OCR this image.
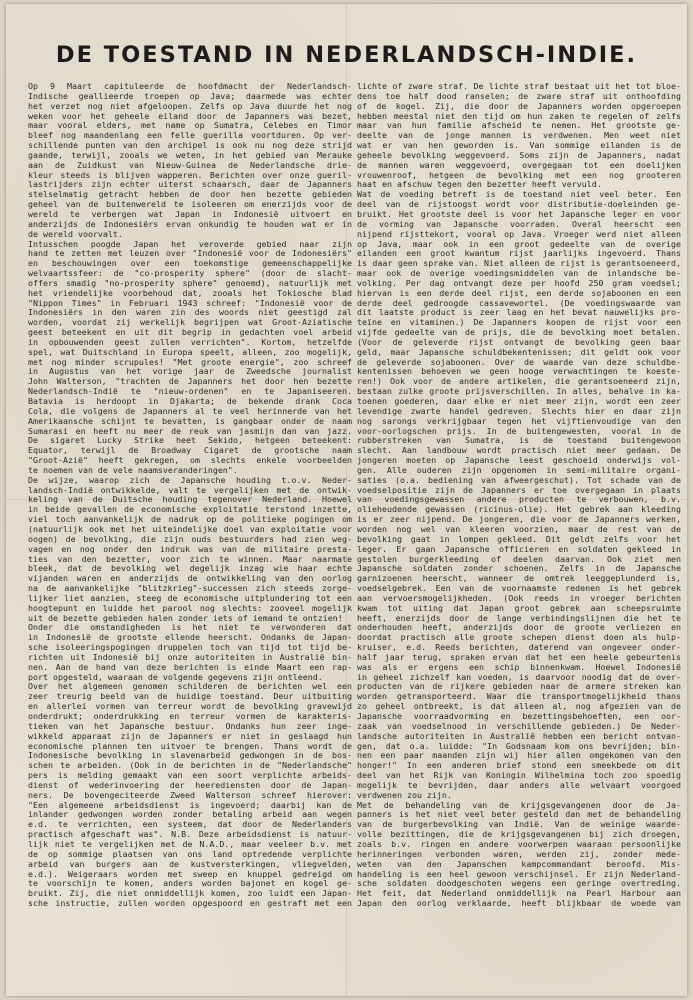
DE TOESTAND IN NEDERLANDSCH-INDIE.
Op 9 Maart capituleerde de hoofdmacht der Nederlandsch-
Indische geallieerde troepen op Java; daarmede was echter
het verzet nog niet afgeloopen. Zelfs op Java duurde het nog
weken voor het geheele eiland door de Japanners was bezet,
maar vooral elders, met name op Sumatra, Celebes en Timor
bleef nog maandenlang een felle guerilla voortduren. Op ver-
schillende punten van den archipel is ook nu nog deze strijd
gaande, terwijl, zooals we weten, in het gebied van Merauke
aan de Zuidkust van Nieuw-Guinea de Nederlandsche drie-
kleur steeds is blijven wapperen. Berichten over onze gueril-
lastrijders zijn echter uiterst schaarsch, daar de Japanners
stelselmatig getracht hebben de door hen bezette gebieden
geheel van de buitenwereld te isoleeren om enerzijds voor de
wereld te verbergen wat Japan in Indonesië uitvoert en
anderzijds de Indonesiërs ervan onkundig te houden wat er in
de wereld voorvalt.
Intusschen poogde Japan het veroverde gebied naar zijn
hand te zetten met leuzen over "Indonesië voor de Indonesiërs"
en beschouwingen over een toekomstige gemeenschappelijke
welvaartssfeer: de "co-prosperity sphere" (door de slacht-
offers smadig "no-prosperity sphere" genoemd), natuurlijk met
het vriendelijke voorbehoud dat, zooals het Tokiosche blad
"Nippon Times" in Februari 1943 schreef: "Indonesië voor de
Indonesiërs in den waren zin des woords niet geestigd zal
worden, voordat zij werkelijk begrijpen wat Groot-Aziatische
geest beteekent en uit dit begrip in gedachten voel arbeid
in opbouwenden geest zullen verrichten". Kortom, hetzelfde
spel, wat Duitschland in Europa speelt, alleen, zoo mogelijk,
met nog minder scrupules! "Met groote energie", zoo schreef
in Augustus van het vorige jaar de Zweedsche journalist
John Walterson, "trachten de Japanners het door hen bezette
Nederlandsch-Indië te "nieuw-ordenen" en te Japaniseeren.
Batavia is herdoopt in Djakarta; de bekende drank Coca
Cola, die volgens de Japanners al te veel herinnerde van het
Amerikaansche schijnt te bevatten, is gangbaar onder de naam
Sumarasi en heeft nu meer de reuk van jasmijn dan van jazz.
De sigaret Lucky Strike heet Sekido, hetgeen beteekent:
Equator, terwijl de Broadway Cigaret de grootsche naam
"Groot-Azië" heeft gekregen, om slechts enkele voorbeelden
te noemen van de vele naamsveranderingen".
De wijze, waarop zich de Japansche houding t.o.v. Neder-
landsch-Indië ontwikkelde, valt te vergelijken met de ontwik-
keling van de Duitsche houding tegenover Nederland. Hoewel
in beide gevallen de economische exploitatie terstond inzette,
viel toch aanvankelijk de nadruk op de politieke pogingen om
(natuurlijk ook met het uiteindelijke doel van exploitatie voor
oogen) de bevolking, die zijn ouds bestuurders had zien weg-
vagen en nog onder den indruk was van de militaire presta-
ties van den bezetter, voor zich te winnen. Maar naarmate
bleek, dat de bevolking wel degelijk inzag wie haar echte
vijanden waren en anderzijds de ontwikkeling van den oorlog
na de aanvankelijke "blitzkrieg"-successen zich steeds zorge-
lijker liet aanzien, steeg de economische uitplundering tot een
hoogtepunt en luidde het parool nog slechts: zooveel mogelijk
uit de bezette gebieden halen zonder iets of iemand te ontzien!
Onder die omstandigheden is het niet te verwonderen dat
in Indonesië de grootste ellende heerscht. Ondanks de Japan-
sche isoleeringspogingen druppelen toch van tijd tot tijd be-
richten uit Indonesië bij onze autoriteiten in Australië bin-
nen. Aan de hand van deze berichten is einde Maart een rap-
port opgesteld, waaraan de volgende gegevens zijn ontleend.
Over het algemeen genomen schilderen de berichten wel een
zeer treurig beeld van de huidige toestand. Deur uitbuiting
en allerlei vormen van terreur wordt de bevolking gravewijd
onderdrukt; onderdrukking en terreur vormen de karakteris-
tieken van het Japansche bestuur. Ondanks hun zeer inge-
wikkeld apparaat zijn de Japanners er niet in geslaagd hun
economische plannen ten uitvoer te brengen. Thans wordt de
Indonesische bevolking in slavenarbeid gedwongen in de bos-
schen te arbeiden. (Ook in de berichten in de "Nederlandsche"
pers is melding gemaakt van een soort verplichte arbeids-
dienst of wederinvoering der heerediensten door de Japan-
ners. De bovengeciteerde Zweed Walterson schreef hierover:
"Een algemeene arbeidsdienst is ingevoerd; daarbij kan de
inlander gedwongen worden zonder betaling arbeid aan wegen
e.d. te verrichten, een systeem, dat door de Nederlanders
practisch afgeschaft was". N.B. Deze arbeidsdienst is natuur-
lijk niet te vergelijken met de N.A.D., maar veeleer b.v. met
de op sommige plaatsen van ons land optredende verplichte
arbeid van burgers aan de kustversterkingen, vliegvelden,
e.d.). Weigeraars worden met sweep en knuppel gedreigd om
te voorschijn te komen, anders worden bajonet en kogel ge-
bruikt. Zij, die niet onmiddellijk komen, zoo luidt een Japan-
sche instructie, zullen worden opgespoord en gestraft met een
lichte of zware straf. De lichte straf bestaat uit het tot bloe-
dens toe half dood ranselen; de zware straf uit onthoofding
of de kogel. Zij, die door de Japanners worden opgeroepen
hebben meestal niet den tijd om hun zaken te regelen of zelfs
maar van hun familie afscheid te nemen. Het grootste ge-
deelte van de jonge mannen is verdwenen. Men weet niet
wat er van hen geworden is. Van sommige eilanden is de
geheele bevolking weggevoerd. Soms zijn de Japanners, nadat
de mannen waren weggevoerd, overgegaan tot een doelijken
vrouwenroof, hetgeen de bevolking met een nog grooteren
haat en afschuw tegen den bezetter heeft vervuld.
Wat de voeding betreft is de toestand niet veel beter. Een
deel van de rijstoogst wordt voor distributie-doeleinden ge-
bruikt. Het grootste deel is voor het Japansche leger en voor
de vorming van Japansche voorraden. Overal heerscht een
nijpend rijsttekort, vooral op Java. Vroeger werd niet alleen
op Java, maar ook in een groot gedeelte van de overige
eilanden een groot kwantum rijst jaarlijks ingevoerd. Thans
is daar geen sprake van. Niet alleen de rijst is gerantsoeneerd,
maar ook de overige voedingsmiddelen van de inlandsche be-
volking. Per dag ontvangt deze per hoofd 250 gram voedsel;
hiervan is een derde deel rijst, een derde sojaboonen en een
derde deel gedroogde cassavewortel. (De voedingswaarde van
dit laatste product is zeer laag en het bevat nauwelijks pro-
teïne en vitaminen.) De Japanners koopen de rijst voor een
vijfde gedeelte van de prijs, die de bevolking moet betalen.
(Voor de geleverde rijst ontvangt de bevolking geen baar
geld, maar Japansche schuldbekentenissen; dit geldt ook voor
de geleverde sojaboonen. Over de waarde van deze schuldbe-
kentenissen behoeven we geen hooge verwachtingen te koeste-
ren!) Ook voor de andere artikelen, die gerantsoeneerd zijn,
bestaan zulke groote prijsverschillen. In alles, behalve in ka-
toenen goederen, daar elke er niet meer zijn, wordt een zeer
levendige zwarte handel gedreven. Slechts hier en daar zijn
nog sarongs verkrijgbaar tegen het vijftienvoudige van den
voor-oorlogschen prijs. In de buitengewesten, vooral in de
rubberstreken van Sumatra, is de toestand buitengewoon
slecht. Aan landbouw wordt practisch niet meer gedaan. De
jongeren moeten op Japansche leest geschoeid onderwijs vol-
gen. Alle ouderen zijn opgenomen in semi-militaire organi-
saties (o.a. bediening van afweergeschut). Tot schade van de
voedselpositie zijn de Japanners er toe overgegaan in plaats
van voedingsgewassen andere producten te verbouwen, b.v.
olieheudende gewassen (ricinus-olie). Het gebrek aan kleeding
is er zeer nijpend. De jongeren, die voor de Japanners werken,
worden nog wel van kleeren voorzien, maar de rest van de
bevolking gaat in lompen gekleed. Dit geldt zelfs voor het
leger. Er gaan Japansche officieren en soldaten gekleed in
gestolen burgerkleeding of deelen daarvan. Ook ziet men
Japansche soldaten zonder schoenen. Zelfs in de Japansche
garnizoenen heerscht, wanneer de omtrek leeggeplunderd is,
voedselgebrek. Een van de voornaamste redenen is het gebrek
aan vervoersmogelijkheden. (Ook reeds in vroeger berichten
kwam tot uiting dat Japan groot gebrek aan scheepsruimte
heeft, enerzijds door de lange verbindingslijnen die het te
onderhouden heeft, anderzijds door de groote verliezen en
doordat practisch alle groote schepen dienst doen als hulp-
kruiser, e.d. Reeds berichten, daterend van ongeveer onder-
half jaar terug, spraken ervan dat het een heele gebeurtenis
was als er ergens een schip binnenkwam. Hoewel Indonesië
in geheel zichzelf kan voeden, is daarvoor noodig dat de over-
producten van de rijkere gebieden naar de armere streken kan
worden getransporteerd. Waar die transportmogelijkheid thans
zo geheel ontbreekt, is dat alleen al, nog afgezien van de
Japansche voorraadvorming en bezettingsbehoeften, een oor-
zaak van voedselnood in verschillende gebieden.) De Neder-
landsche autoriteiten in Australië hebben een bericht ontvan-
gen, dat o.a. luidde: "In Godsnaam kom ons bevrijden; bin-
nen een paar maanden zijn wij hier allen omgekomen van den
honger!" In een anderen brief stond een smeekbede om dit
deel van het Rijk van Koningin Wilhelmina toch zoo spoedig
mogelijk te bevrijden, daar anders alle welvaart voorgoed
verdwenen zou zijn.
Met de behandeling van de krijgsgevangenen door de Ja-
panners is het niet veel beter gesteld dan met de behandeling
van de burgerbevolking van Indië. Van de weinige waarde-
volle bezittingen, die de krijgsgevangenen bij zich droegen,
zoals b.v. ringen en andere voorwerpen waaraan persoonlijke
herinneringen verbonden waren, werden zij, zonder mede-
weten van den Japanschen kampcommandant beroofd. Mis-
handeling is een heel gewoon verschijnsel. Er zijn Nederland-
sche soldaten doodgeschoten wegens een geringe overtreding.
Het feit, dat Nederland onmiddellijk na Pearl Harbour aan
Japan den oorlog verklaarde, heeft blijkbaar de woede van
